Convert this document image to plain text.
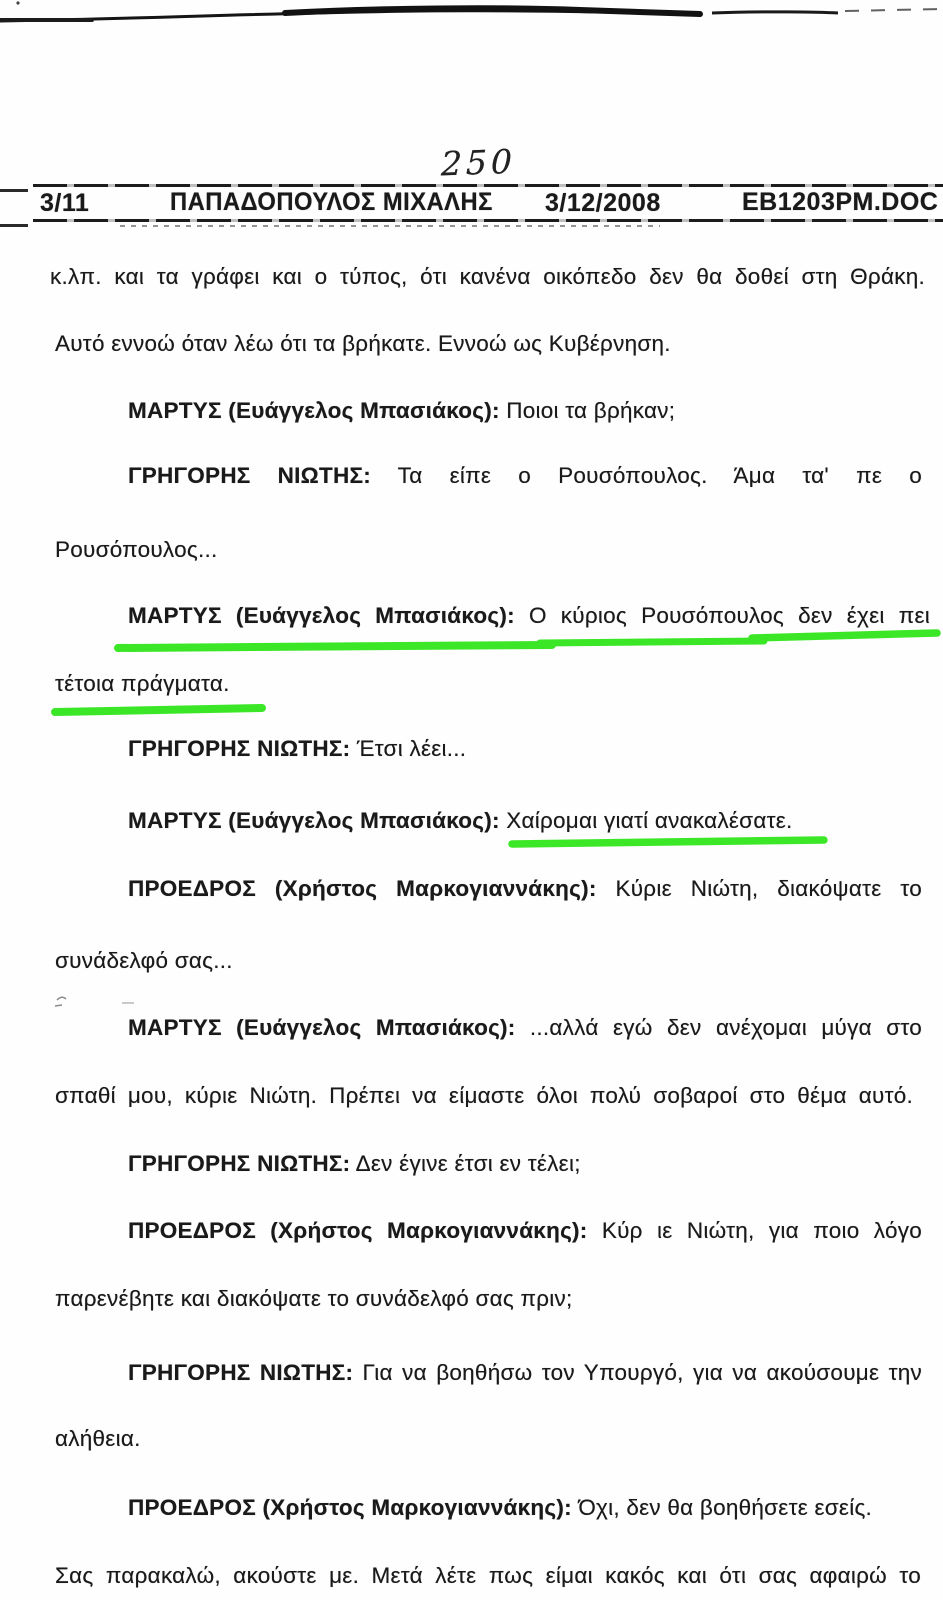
250
3/11	ΠΑΠΑΔΟΠΟΥΛΟΣ ΜΙΧΑΛΗΣ 3/12/2008	EB1203PM.DOC
κ.λπ. και τα γράφει και ο τύπος, ότι κανένα οικόπεδο δεν θα δοθεί στη Θράκη.
Αυτό εννοώ όταν λέω ότι τα βρήκατε. Εννοώ ως Κυβέρνηση.
ΜΑΡΤΥΣ (Ευάγγελος Μπασιάκος): Ποιοι τα βρήκαν;
ΓΡΗΓΟΡΗΣ ΝΙΩΤΗΣ: Τα είπε ο Ρουσόπουλος. Άμα τα' πε ο
Ρουσόπουλος...
ΜΑΡΤΥΣ (Ευάγγελος Μπασιάκος): Ο κύριος Ρουσόπουλος δεν έχει πει
τέτοια πράγματα.
ΓΡΗΓΟΡΗΣ ΝΙΩΤΗΣ: Έτσι λέει...
ΜΑΡΤΥΣ (Ευάγγελος Μπασιάκος): Χαίρομαι γιατί ανακαλέσατε.
ΠΡΟΕΔΡΟΣ (Χρήστος Μαρκογιαννάκης): Κύριε Νιώτη, διακόψατε το
συνάδελφό σας...
ΜΑΡΤΥΣ (Ευάγγελος Μπασιάκος): ...αλλά εγώ δεν ανέχομαι μύγα στο
σπαθί μου, κύριε Νιώτη. Πρέπει να είμαστε όλοι πολύ σοβαροί στο θέμα αυτό.
ΓΡΗΓΟΡΗΣ ΝΙΩΤΗΣ: Δεν έγινε έτσι εν τέλει;
ΠΡΟΕΔΡΟΣ (Χρήστος Μαρκογιαννάκης): Κύρ ιε Νιώτη, για ποιο λόγο
παρενέβητε και διακόψατε το συνάδελφό σας πριν;
ΓΡΗΓΟΡΗΣ ΝΙΩΤΗΣ: Για να βοηθήσω τον Υπουργό, για να ακούσουμε την
αλήθεια.
ΠΡΟΕΔΡΟΣ (Χρήστος Μαρκογιαννάκης): Όχι, δεν θα βοηθήσετε εσείς.
Σας παρακαλώ, ακούστε με. Μετά λέτε πως είμαι κακός και ότι σας αφαιρώ το
